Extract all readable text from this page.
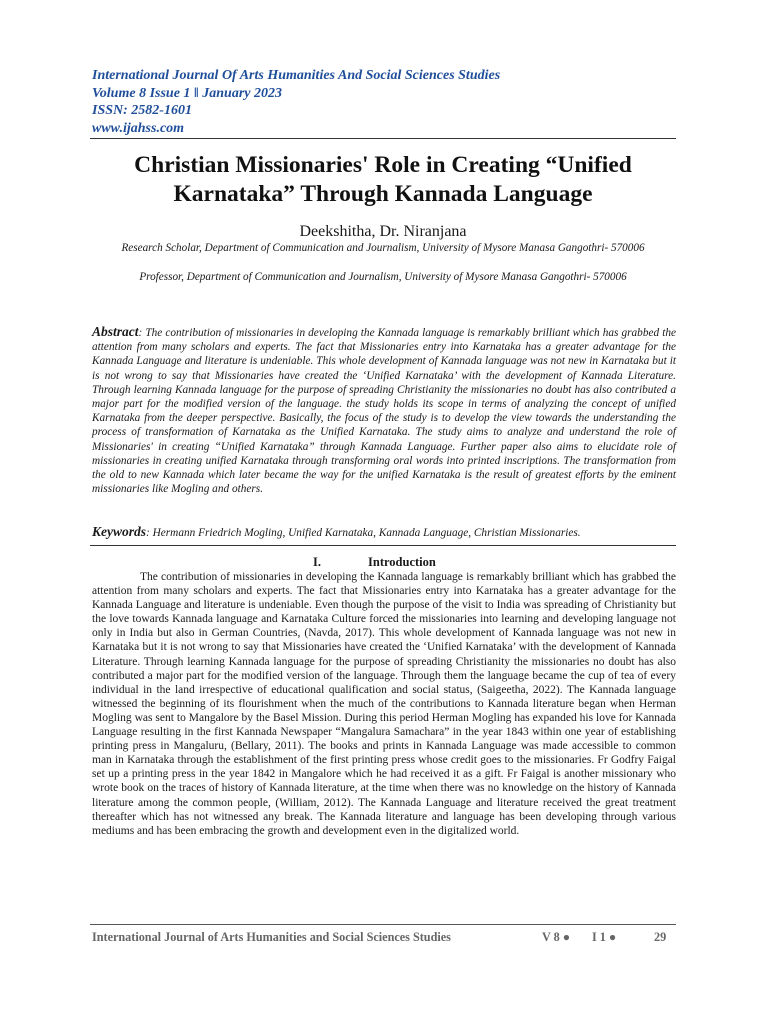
International Journal Of Arts Humanities And Social Sciences Studies
Volume 8 Issue 1 ǁ January 2023
ISSN: 2582-1601
www.ijahss.com
Christian Missionaries' Role in Creating “Unified
Karnataka” Through Kannada Language
Deekshitha, Dr. Niranjana
Research Scholar, Department of Communication and Journalism, University of Mysore Manasa Gangothri- 570006
Professor, Department of Communication and Journalism, University of Mysore Manasa Gangothri- 570006
Abstract: The contribution of missionaries in developing the Kannada language is remarkably brilliant which has grabbed the attention from many scholars and experts. The fact that Missionaries entry into Karnataka has a greater advantage for the Kannada Language and literature is undeniable. This whole development of Kannada language was not new in Karnataka but it is not wrong to say that Missionaries have created the ‘Unified Karnataka’ with the development of Kannada Literature. Through learning Kannada language for the purpose of spreading Christianity the missionaries no doubt has also contributed a major part for the modified version of the language. the study holds its scope in terms of analyzing the concept of unified Karnataka from the deeper perspective. Basically, the focus of the study is to develop the view towards the understanding the process of transformation of Karnataka as the Unified Karnataka. The study aims to analyze and understand the role of Missionaries' in creating “Unified Karnataka” through Kannada Language. Further paper also aims to elucidate role of missionaries in creating unified Karnataka through transforming oral words into printed inscriptions. The transformation from the old to new Kannada which later became the way for the unified Karnataka is the result of greatest efforts by the eminent missionaries like Mogling and others.
Keywords: Hermann Friedrich Mogling, Unified Karnataka, Kannada Language, Christian Missionaries.
I.	Introduction
The contribution of missionaries in developing the Kannada language is remarkably brilliant which has grabbed the attention from many scholars and experts. The fact that Missionaries entry into Karnataka has a greater advantage for the Kannada Language and literature is undeniable. Even though the purpose of the visit to India was spreading of Christianity but the love towards Kannada language and Karnataka Culture forced the missionaries into learning and developing language not only in India but also in German Countries, (Navda, 2017). This whole development of Kannada language was not new in Karnataka but it is not wrong to say that Missionaries have created the ‘Unified Karnataka’ with the development of Kannada Literature. Through learning Kannada language for the purpose of spreading Christianity the missionaries no doubt has also contributed a major part for the modified version of the language. Through them the language became the cup of tea of every individual in the land irrespective of educational qualification and social status, (Saigeetha, 2022). The Kannada language witnessed the beginning of its flourishment when the much of the contributions to Kannada literature began when Herman Mogling was sent to Mangalore by the Basel Mission. During this period Herman Mogling has expanded his love for Kannada Language resulting in the first Kannada Newspaper “Mangalura Samachara” in the year 1843 within one year of establishing printing press in Mangaluru, (Bellary, 2011). The books and prints in Kannada Language was made accessible to common man in Karnataka through the establishment of the first printing press whose credit goes to the missionaries. Fr Godfry Faigal set up a printing press in the year 1842 in Mangalore which he had received it as a gift. Fr Faigal is another missionary who wrote book on the traces of history of Kannada literature, at the time when there was no knowledge on the history of Kannada literature among the common people, (William, 2012). The Kannada Language and literature received the great treatment thereafter which has not witnessed any break. The Kannada literature and language has been developing through various mediums and has been embracing the growth and development even in the digitalized world.
International Journal of Arts Humanities and Social Sciences Studies	V 8 ● I 1 ●	29
